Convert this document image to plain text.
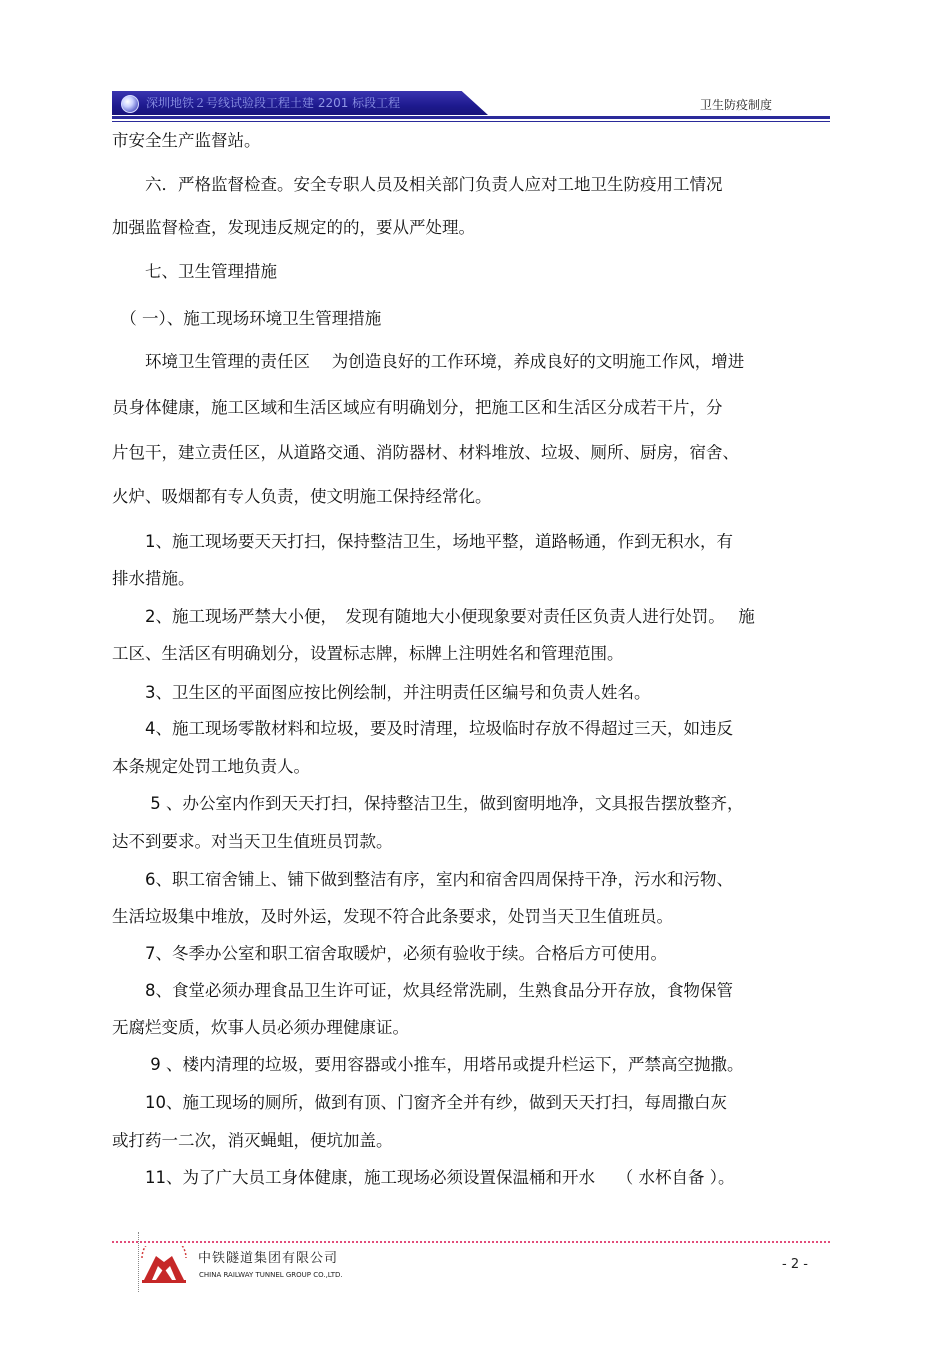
深圳地铁２号线试验段工程土建 2201 标段工程	卫生防疫制度
市安全生产监督站。
　　六．严格监督检查。安全专职人员及相关部门负责人应对工地卫生防疫用工情况
加强监督检查，发现违反规定的的，要从严处理。
　　七、卫生管理措施
　（ 一）、施工现场环境卫生管理措施
　　环境卫生管理的责任区　 为创造良好的工作环境，养成良好的文明施工作风，增进
员身体健康，施工区域和生活区域应有明确划分，把施工区和生活区分成若干片，分
片包干，建立责任区，从道路交通、消防器材、材料堆放、垃圾、厕所、厨房，宿舍、
火炉、吸烟都有专人负责，使文明施工保持经常化。
　　1、施工现场要天天打扫，保持整洁卫生，场地平整，道路畅通，作到无积水，有
排水措施。
　　2、施工现场严禁大小便，　发现有随地大小便现象要对责任区负责人进行处罚。　 施
工区、生活区有明确划分，设置标志牌，标牌上注明姓名和管理范围。
　　3、卫生区的平面图应按比例绘制，并注明责任区编号和负责人姓名。
　　4、施工现场零散材料和垃圾，要及时清理，垃圾临时存放不得超过三天，如违反
本条规定处罚工地负责人。
　　 5 、办公室内作到天天打扫，保持整洁卫生，做到窗明地净，文具报告摆放整齐，
达不到要求。对当天卫生值班员罚款。
　　6、职工宿舍铺上、铺下做到整洁有序，室内和宿舍四周保持干净，污水和污物、
生活垃圾集中堆放，及时外运，发现不符合此条要求，处罚当天卫生值班员。
　　7、冬季办公室和职工宿舍取暖炉，必须有验收于续。合格后方可使用。
　　8、食堂必须办理食品卫生许可证，炊具经常洗刷，生熟食品分开存放，食物保管
无腐烂变质，炊事人员必须办理健康证。
　　 9 、楼内清理的垃圾，要用容器或小推车，用塔吊或提升栏运下，严禁高空抛撒。
　　10、施工现场的厕所，做到有顶、门窗齐全并有纱，做到天天打扫，每周撒白灰
或打药一二次，消灭蝇蛆，便坑加盖。
　　11、为了广大员工身体健康，施工现场必须设置保温桶和开水　 （ 水杯自备 ）。
中铁隧道集团有限公司
CHINA RAILWAY TUNNEL GROUP CO.,LTD.
- 2 -
